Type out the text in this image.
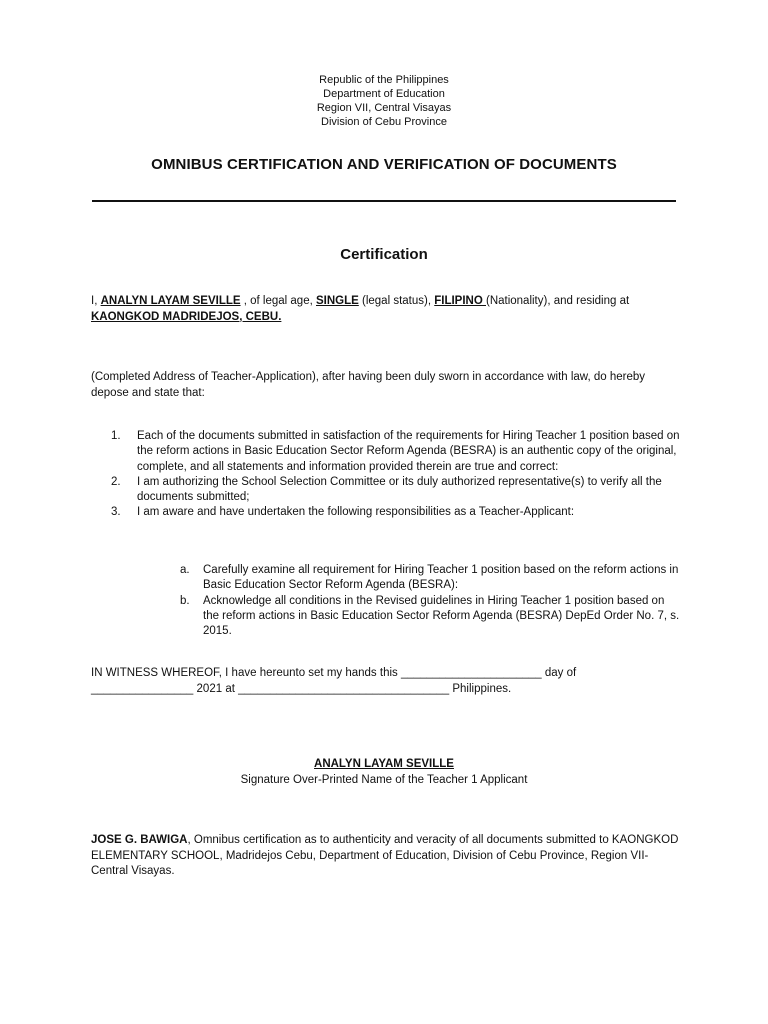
Republic of the Philippines
Department of Education
Region VII, Central Visayas
Division of Cebu Province
OMNIBUS CERTIFICATION AND VERIFICATION OF DOCUMENTS
Certification
I, ANALYN LAYAM SEVILLE , of legal age, SINGLE (legal status), FILIPINO (Nationality), and residing at KAONGKOD MADRIDEJOS, CEBU.
(Completed Address of Teacher-Application), after having been duly sworn in accordance with law, do hereby depose and state that:
1.	Each of the documents submitted in satisfaction of the requirements for Hiring Teacher 1 position based on the reform actions in Basic Education Sector Reform Agenda (BESRA) is an authentic copy of the original, complete, and all statements and information provided therein are true and correct:
2.	I am authorizing the School Selection Committee or its duly authorized representative(s) to verify all the documents submitted;
3.	I am aware and have undertaken the following responsibilities as a Teacher-Applicant:
a.	Carefully examine all requirement for Hiring Teacher 1 position based on the reform actions in Basic Education Sector Reform Agenda (BESRA):
b.	Acknowledge all conditions in the Revised guidelines in Hiring Teacher 1 position based on the reform actions in Basic Education Sector Reform Agenda (BESRA) DepEd Order No. 7, s. 2015.
IN WITNESS WHEREOF, I have hereunto set my hands this ______________________ day of ________________ 2021 at _________________________________ Philippines.
ANALYN LAYAM SEVILLE
Signature Over-Printed Name of the Teacher 1 Applicant
JOSE G. BAWIGA, Omnibus certification as to authenticity and veracity of all documents submitted to KAONGKOD ELEMENTARY SCHOOL, Madridejos Cebu, Department of Education, Division of Cebu Province, Region VII- Central Visayas.
